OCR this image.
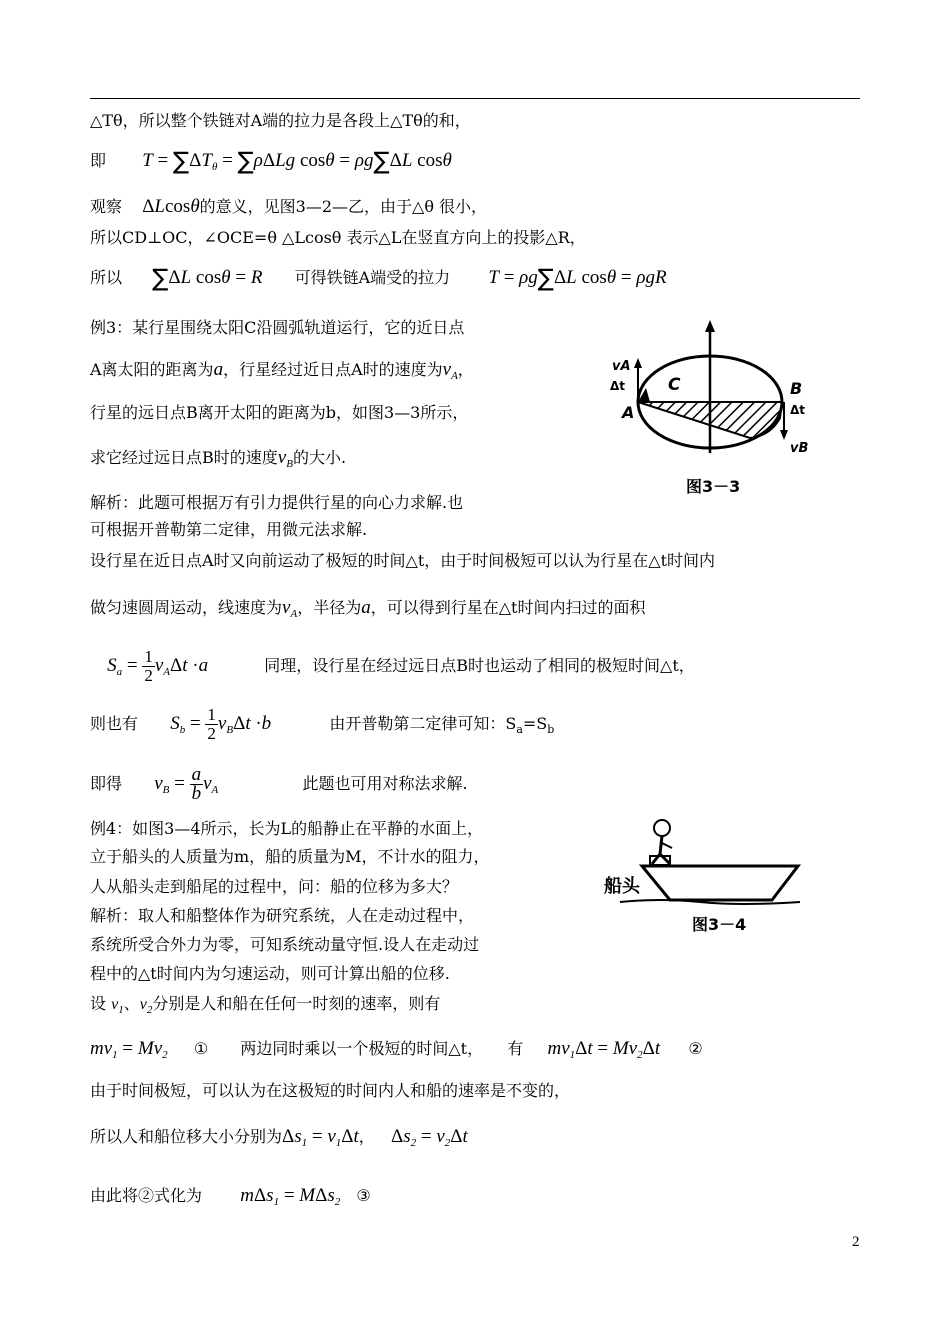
△Tθ，所以整个铁链对A端的拉力是各段上△Tθ的和，
即 $T = \sum\Delta T_\theta = \sum\rho\Delta Lg$ cosθ = ρg∑ΔL cosθ
观察 ΔLcosθ的意义，见图3—2—乙，由于△θ 很小，
所以CD⊥OC，∠OCE=θ △Lcosθ 表示△L在竖直方向上的投影△R，
所以 ∑ΔL cosθ = R 可得铁链A端受的拉力 T = ρg∑ΔL cosθ = ρgR
例3：某行星围绕太阳C沿圆弧轨道运行，它的近日点
A离太阳的距离为a，行星经过近日点A时的速度为$v_A$，
行星的远日点B离开太阳的距离为b，如图3—3所示，
求它经过远日点B时的速度$v_B$的大小.
解析：此题可根据万有引力提供行星的向心力求解.也
可根据开普勒第二定律，用微元法求解.
设行星在近日点A时又向前运动了极短的时间△t，由于时间极短可以认为行星在△t时间内
做匀速圆周运动，线速度为$v_A$，半径为a，可以得到行星在△t时间内扫过的面积
$S_a = \frac{1}{2} v_A\Delta t \cdot a$	同理，设行星在经过远日点B时也运动了相同的极短时间△t，
则也有 $S_b = \frac{1}{2} v_B\Delta t \cdot b$	由开普勒第二定律可知：$S_a=S_b$
即得 $v_B = \frac{a}{b} v_A$	此题也可用对称法求解.
例4：如图3—4所示，长为L的船静止在平静的水面上，
立于船头的人质量为m，船的质量为M，不计水的阻力，
人从船头走到船尾的过程中，问：船的位移为多大？
解析：取人和船整体作为研究系统，人在走动过程中，
系统所受合外力为零，可知系统动量守恒.设人在走动过
程中的△t时间内为匀速运动，则可计算出船的位移.
设 $v_1$、$v_2$分别是人和船在任何一时刻的速率，则有
$mv_1 = Mv_2$ ① 两边同时乘以一个极短的时间△t， 有 $mv_1\Delta t = Mv_2\Delta t$ ②
由于时间极短，可以认为在这极短的时间内人和船的速率是不变的，
所以人和船位移大小分别为$\Delta s_1 = v_1\Delta t$， $\Delta s_2 = v_2\Delta t$
由此将②式化为 mΔs$_1$ = MΔs$_2$ ③
vA
Δt
A
C	B
Δt
vB
图3－3
船头
图3－4
2
